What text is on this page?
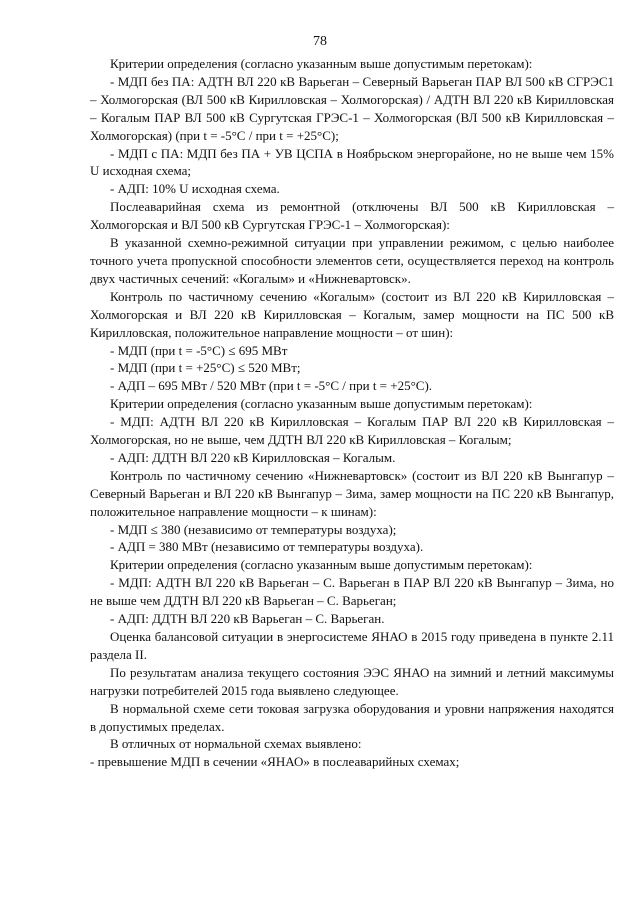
78

Критерии определения (согласно указанным выше допустимым перетокам):

- МДП без ПА: АДТН ВЛ 220 кВ Варьеган – Северный Варьеган ПАР ВЛ 500 кВ СГРЭС1 – Холмогорская (ВЛ 500 кВ Кирилловская – Холмогорская) / АДТН ВЛ 220 кВ Кирилловская – Когалым ПАР ВЛ 500 кВ Сургутская ГРЭС-1 – Холмогорская (ВЛ 500 кВ Кирилловская – Холмогорская) (при t = -5°C / при t = +25°C);

- МДП с ПА: МДП без ПА + УВ ЦСПА в Ноябрьском энергорайоне, но не выше чем 15% U исходная схема;

- АДП: 10% U исходная схема.

Послеаварийная схема из ремонтной (отключены ВЛ 500 кВ Кирилловская – Холмогорская и ВЛ 500 кВ Сургутская ГРЭС-1 – Холмогорская):

В указанной схемно-режимной ситуации при управлении режимом, с целью наиболее точного учета пропускной способности элементов сети, осуществляется переход на контроль двух частичных сечений: «Когалым» и «Нижневартовск».

Контроль по частичному сечению «Когалым» (состоит из ВЛ 220 кВ Кирилловская – Холмогорская и ВЛ 220 кВ Кирилловская – Когалым, замер мощности на ПС 500 кВ Кирилловская, положительное направление мощности – от шин):

- МДП (при t = -5°C) ≤ 695 МВт

- МДП (при t = +25°C) ≤ 520 МВт;

- АДП – 695 МВт / 520 МВт (при t = -5°C / при t = +25°C).

Критерии определения (согласно указанным выше допустимым перетокам):

- МДП: АДТН ВЛ 220 кВ Кирилловская – Когалым ПАР ВЛ 220 кВ Кирилловская – Холмогорская, но не выше, чем ДДТН ВЛ 220 кВ Кирилловская – Когалым;

- АДП: ДДТН ВЛ 220 кВ Кирилловская – Когалым.

Контроль по частичному сечению «Нижневартовск» (состоит из ВЛ 220 кВ Вынгапур – Северный Варьеган и ВЛ 220 кВ Вынгапур – Зима, замер мощности на ПС 220 кВ Вынгапур, положительное направление мощности – к шинам):

- МДП ≤ 380 (независимо от температуры воздуха);

- АДП = 380 МВт (независимо от температуры воздуха).

Критерии определения (согласно указанным выше допустимым перетокам):

- МДП: АДТН ВЛ 220 кВ Варьеган – С. Варьеган в ПАР ВЛ 220 кВ Вынгапур – Зима, но не выше чем ДДТН ВЛ 220 кВ Варьеган – С. Варьеган;

- АДП: ДДТН ВЛ 220 кВ Варьеган – С. Варьеган.

Оценка балансовой ситуации в энергосистеме ЯНАО в 2015 году приведена в пункте 2.11 раздела II.

По результатам анализа текущего состояния ЭЭС ЯНАО на зимний и летний максимумы нагрузки потребителей 2015 года выявлено следующее.

В нормальной схеме сети токовая загрузка оборудования и уровни напряжения находятся в допустимых пределах.

В отличных от нормальной схемах выявлено:

- превышение МДП в сечении «ЯНАО» в послеаварийных схемах;
